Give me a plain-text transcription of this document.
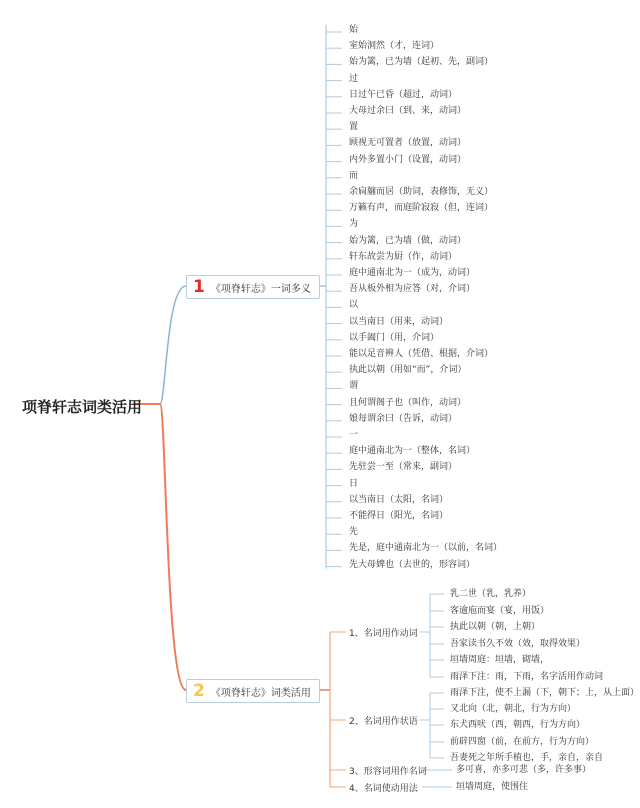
项脊轩志词类活用
1 《项脊轩志》一词多义
2 《项脊轩志》词类活用
始
室始洞然（才，连词）
始为篱，已为墙（起初、先，副词）
过
日过午已昏（超过，动词）
大母过余曰（到、来，动词）
置
顾视无可置者（放置，动词）
内外多置小门（设置，动词）
而
余扃牖而居（助词，表修饰，无义）
万籁有声，而庭阶寂寂（但，连词）
为
始为篱，已为墙（做，动词）
轩东故尝为厨（作，动词）
庭中通南北为一（成为，动词）
吾从板外相为应答（对，介词）
以
以当南日（用来，动词）
以手阖门（用，介词）
能以足音辨人（凭借、根据，介词）
执此以朝（用如“而”，介词）
谓
且何谓阁子也（叫作，动词）
娘每谓余曰（告诉，动词）
一
庭中通南北为一（整体，名词）
先驻尝一至（常来，副词）
日
以当南日（太阳，名词）
不能得日（阳光，名词）
先
先是，庭中通南北为一（以前，名词）
先大母婢也（去世的，形容词）
1、名词用作动词
乳二世（乳，乳养）
客逾庖而宴（宴，用饭）
执此以朝（朝，上朝）
吾家读书久不效（效，取得效果）
垣墙周庭：垣墙，砌墙，
雨泽下注：雨，下雨，名字活用作动词
2、名词用作状语
雨泽下注，使不上漏（下，朝下；上，从上面）
又北向（北，朝北，行为方向）
东犬西吠（西，朝西，行为方向）
前辟四窗（前，在前方，行为方向）
吾妻死之年所手植也，手，亲自，亲自
3、形容词用作名词	多可喜，亦多可悲（多，许多事）
4、名词使动用法	垣墙周庭，使围住
